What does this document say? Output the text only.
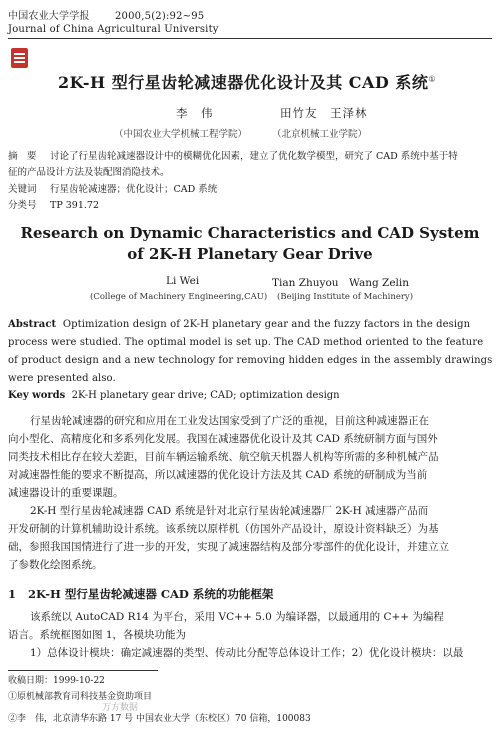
中国农业大学学报	2000,5(2):92~95
Journal of China Agricultural University
2K-H 型行星齿轮减速器优化设计及其 CAD 系统①
李　伟	田竹友　王泽林
（中国农业大学机械工程学院）	（北京机械工业学院）
摘　要 讨论了行星齿轮减速器设计中的模糊优化因素，建立了优化数学模型，研究了 CAD 系统中基于特
征的产品设计方法及装配图消隐技术。
关键词 行星齿轮减速器；优化设计；CAD 系统
分类号 TP 391.72
Research on Dynamic Characteristics and CAD System
of 2K-H Planetary Gear Drive
Li Wei	Tian Zhuyou　Wang Zelin
(College of Machinery Engineering,CAU) (Beijing Institute of Machinery)
Abstract Optimization design of 2K-H planetary gear and the fuzzy factors in the design
process were studied. The optimal model is set up. The CAD method oriented to the feature
of product design and a new technology for removing hidden edges in the assembly drawings
were presented also.
Key words 2K-H planetary gear drive; CAD; optimization design
行星齿轮减速器的研究和应用在工业发达国家受到了广泛的重视，目前这种减速器正在
向小型化、高精度化和多系列化发展。我国在减速器优化设计及其 CAD 系统研制方面与国外
同类技术相比存在较大差距，目前车辆运输系统、航空航天机器人机构等所需的多种机械产品
对减速器性能的要求不断提高，所以减速器的优化设计方法及其 CAD 系统的研制成为当前
减速器设计的重要课题。
2K-H 型行星齿轮减速器 CAD 系统是针对北京行星齿轮减速器厂 2K-H 减速器产品而
开发研制的计算机辅助设计系统。该系统以原样机（仿国外产品设计，原设计资料缺乏）为基
础，参照我国国情进行了进一步的开发，实现了减速器结构及部分零部件的优化设计，并建立立
了参数化绘图系统。
1 2K-H 型行星齿轮减速器 CAD 系统的功能框架
该系统以 AutoCAD R14 为平台，采用 VC++ 5.0 为编译器，以最通用的 C++ 为编程
语言。系统框图如图 1，各模块功能为
1）总体设计模块：确定减速器的类型、传动比分配等总体设计工作；2）优化设计模块：以最
收稿日期：1999-10-22
①原机械部教育司科技基金资助项目
万方数据
②李　伟，北京清华东路 17 号 中国农业大学（东校区）70 信箱，100083
